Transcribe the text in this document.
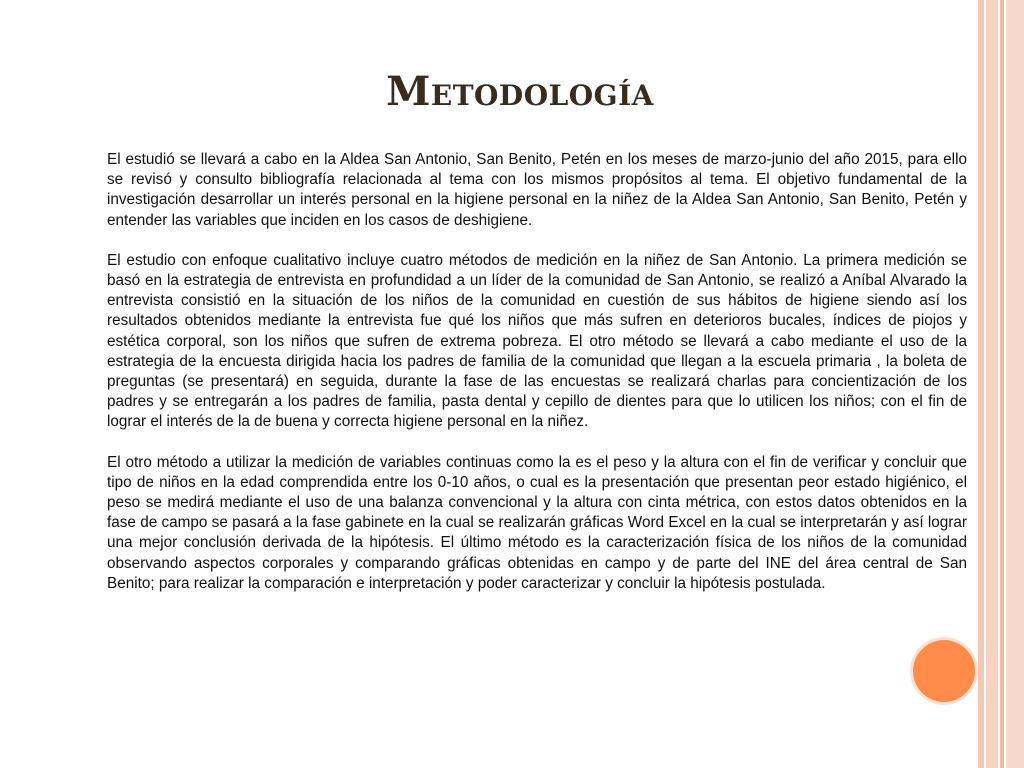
Metodología

El estudió se llevará a cabo en la Aldea San Antonio, San Benito, Petén en los meses de marzo-junio del año 2015, para ello se revisó y consulto bibliografía relacionada al tema con los mismos propósitos al tema. El objetivo fundamental de la investigación desarrollar un interés personal en la higiene personal en la niñez de la Aldea San Antonio, San Benito, Petén y entender las variables que inciden en los casos de deshigiene.

El estudio con enfoque cualitativo incluye cuatro métodos de medición en la niñez de San Antonio. La primera medición se basó en la estrategia de entrevista en profundidad a un líder de la comunidad de San Antonio, se realizó a Aníbal Alvarado la entrevista consistió en la situación de los niños de la comunidad en cuestión de sus hábitos de higiene siendo así los resultados obtenidos mediante la entrevista fue qué los niños que más sufren en deterioros bucales, índices de piojos y estética corporal, son los niños que sufren de extrema pobreza. El otro método se llevará a cabo mediante el uso de la estrategia de la encuesta dirigida hacia los padres de familia de la comunidad que llegan a la escuela primaria , la boleta de preguntas (se presentará) en seguida, durante la fase de las encuestas se realizará charlas para concientización de los padres y se entregarán a los padres de familia, pasta dental y cepillo de dientes para que lo utilicen los niños; con el fin de lograr el interés de la de buena y correcta higiene personal en la niñez.

El otro método a utilizar la medición de variables continuas como la es el peso y la altura con el fin de verificar y concluir que tipo de niños en la edad comprendida entre los 0-10 años, o cual es la presentación que presentan peor estado higiénico, el peso se medirá mediante el uso de una balanza convencional y la altura con cinta métrica, con estos datos obtenidos en la fase de campo se pasará a la fase gabinete en la cual se realizarán gráficas Word Excel en la cual se interpretarán y así lograr una mejor conclusión derivada de la hipótesis. El último método es la caracterización física de los niños de la comunidad observando aspectos corporales y comparando gráficas obtenidas en campo y de parte del INE del área central de San Benito; para realizar la comparación e interpretación y poder caracterizar y concluir la hipótesis postulada.
